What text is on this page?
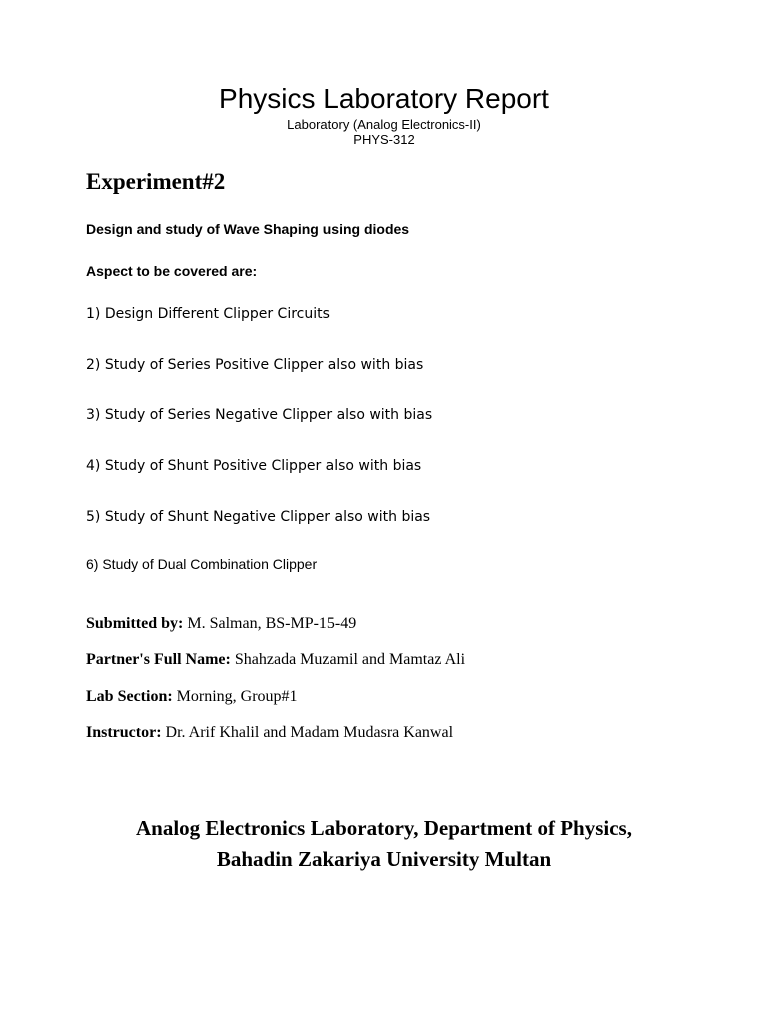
Physics Laboratory Report
Laboratory (Analog Electronics-II)
PHYS-312
Experiment#2
Design and study of Wave Shaping using diodes
Aspect to be covered are:
1) Design Different Clipper Circuits
2) Study of Series Positive Clipper also with bias
3) Study of Series Negative Clipper also with bias
4) Study of Shunt Positive Clipper also with bias
5) Study of Shunt Negative Clipper also with bias
6) Study of Dual Combination Clipper
Submitted by: M. Salman, BS-MP-15-49
Partner's Full Name: Shahzada Muzamil and Mamtaz Ali
Lab Section: Morning, Group#1
Instructor: Dr. Arif Khalil and Madam Mudasra Kanwal
Analog Electronics Laboratory, Department of Physics,
Bahadin Zakariya University Multan
